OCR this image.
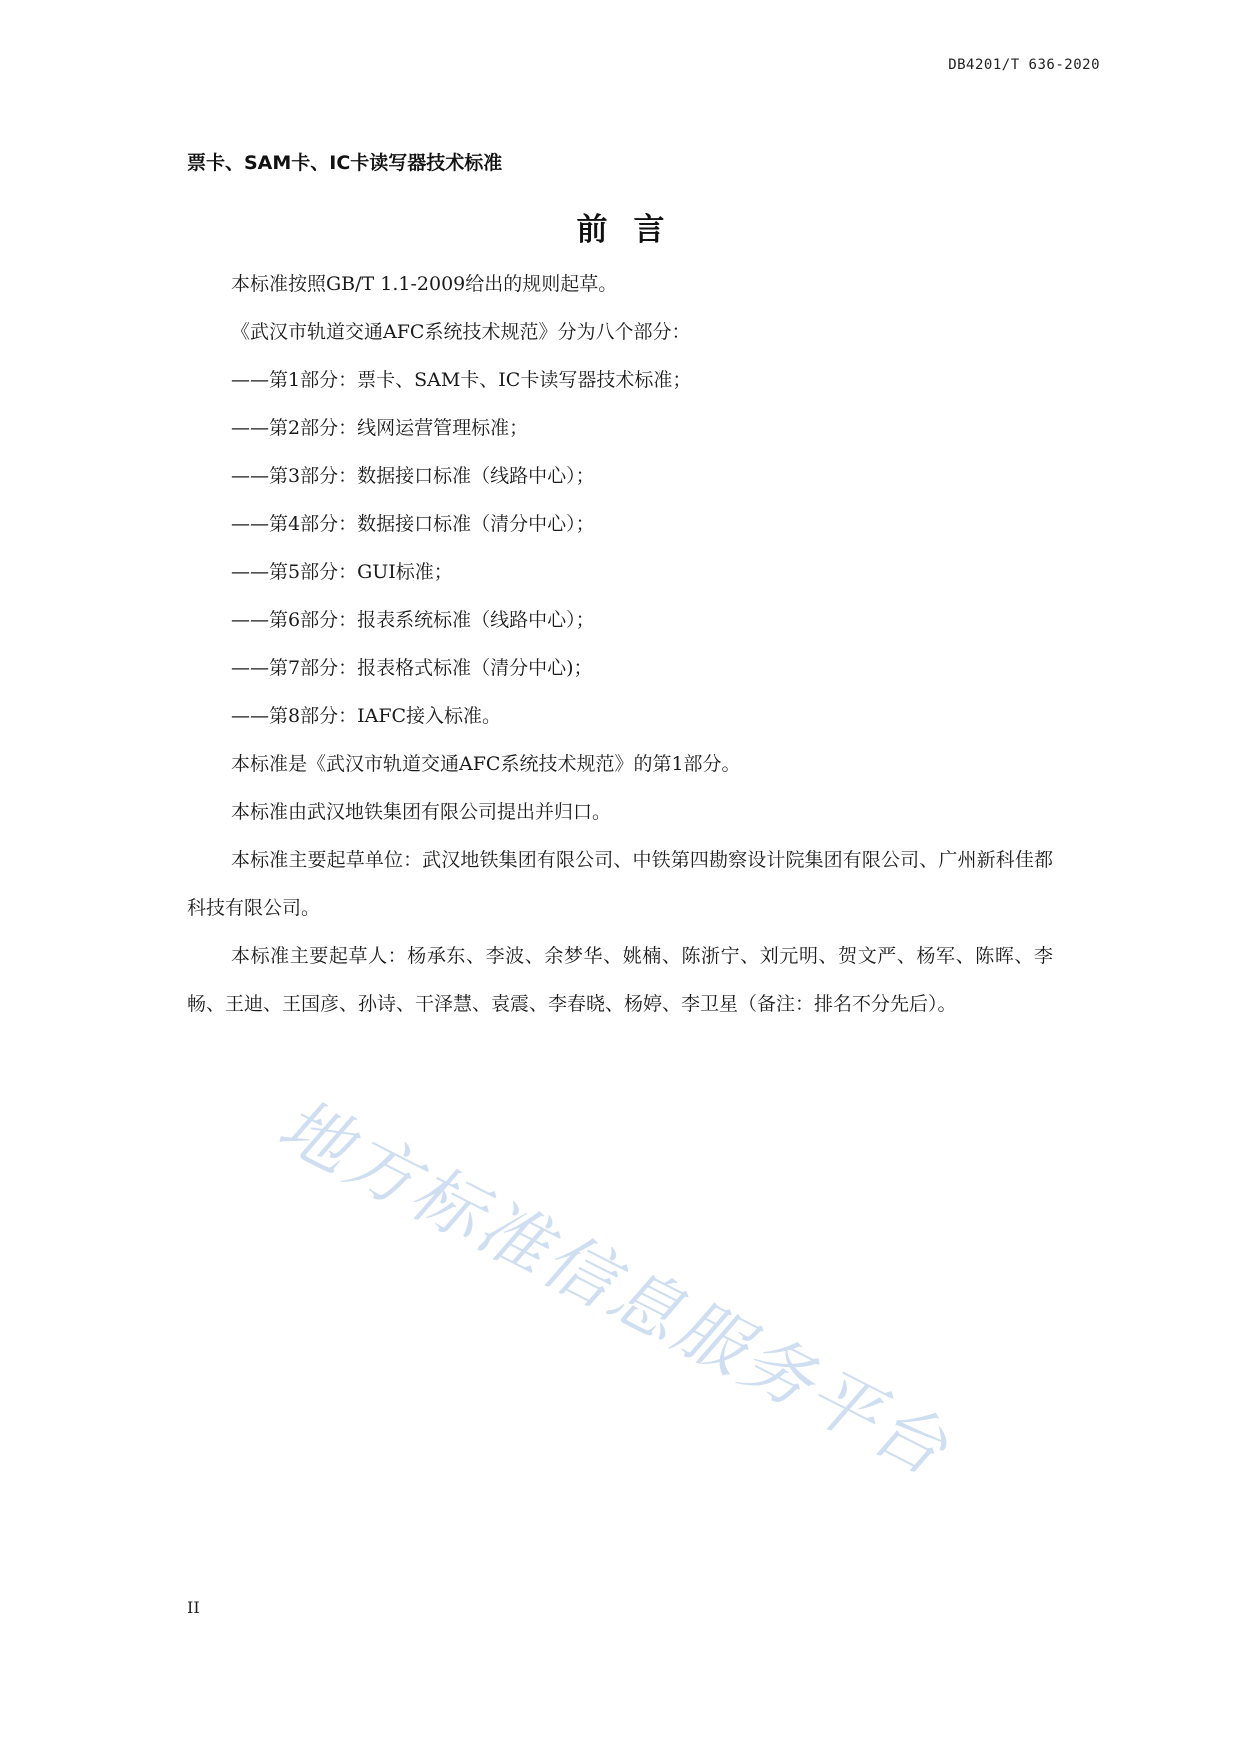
DB4201/T 636-2020
票卡、SAM卡、IC卡读写器技术标准
前言

本标准按照GB/T 1.1-2009给出的规则起草。

《武汉市轨道交通AFC系统技术规范》分为八个部分：

——第1部分：票卡、SAM卡、IC卡读写器技术标准；
——第2部分：线网运营管理标准；
——第3部分：数据接口标准（线路中心）；
——第4部分：数据接口标准（清分中心）；
——第5部分：GUI标准；
——第6部分：报表系统标准（线路中心）；
——第7部分：报表格式标准（清分中心)；
——第8部分：IAFC接入标准。

本标准是《武汉市轨道交通AFC系统技术规范》的第1部分。

本标准由武汉地铁集团有限公司提出并归口。

本标准主要起草单位：武汉地铁集团有限公司、中铁第四勘察设计院集团有限公司、广州新科佳都科技有限公司。

本标准主要起草人：杨承东、李波、余梦华、姚楠、陈浙宁、刘元明、贺文严、杨军、陈晖、李畅、王迪、王国彦、孙诗、干泽慧、袁震、李春晓、杨婷、李卫星（备注：排名不分先后）。

地方标准信息服务平台
II
